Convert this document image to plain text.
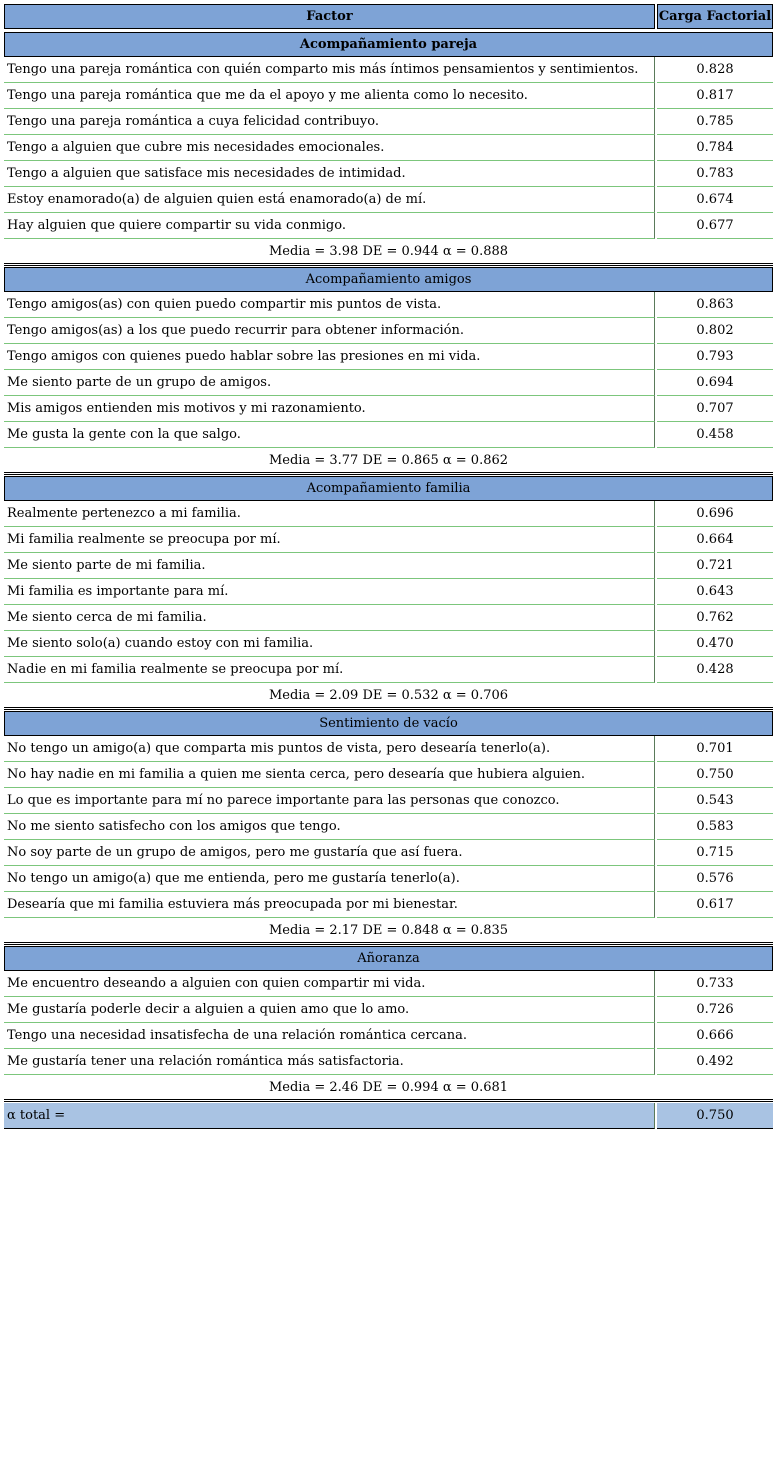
Factor	Carga Factorial
Acompañamiento pareja
Tengo una pareja romántica con quién comparto mis más íntimos pensamientos y sentimientos.	0.828
Tengo una pareja romántica que me da el apoyo y me alienta como lo necesito.	0.817
Tengo una pareja romántica a cuya felicidad contribuyo.	0.785
Tengo a alguien que cubre mis necesidades emocionales.	0.784
Tengo a alguien que satisface mis necesidades de intimidad.	0.783
Estoy enamorado(a) de alguien quien está enamorado(a) de mí.	0.674
Hay alguien que quiere compartir su vida conmigo.	0.677
Media = 3.98 DE = 0.944 α = 0.888
Acompañamiento amigos
Tengo amigos(as) con quien puedo compartir mis puntos de vista.	0.863
Tengo amigos(as) a los que puedo recurrir para obtener información.	0.802
Tengo amigos con quienes puedo hablar sobre las presiones en mi vida.	0.793
Me siento parte de un grupo de amigos.	0.694
Mis amigos entienden mis motivos y mi razonamiento.	0.707
Me gusta la gente con la que salgo.	0.458
Media = 3.77 DE = 0.865 α = 0.862
Acompañamiento familia
Realmente pertenezco a mi familia.	0.696
Mi familia realmente se preocupa por mí.	0.664
Me siento parte de mi familia.	0.721
Mi familia es importante para mí.	0.643
Me siento cerca de mi familia.	0.762
Me siento solo(a) cuando estoy con mi familia.	0.470
Nadie en mi familia realmente se preocupa por mí.	0.428
Media = 2.09 DE = 0.532 α = 0.706
Sentimiento de vacío
No tengo un amigo(a) que comparta mis puntos de vista, pero desearía tenerlo(a).	0.701
No hay nadie en mi familia a quien me sienta cerca, pero desearía que hubiera alguien.	0.750
Lo que es importante para mí no parece importante para las personas que conozco.	0.543
No me siento satisfecho con los amigos que tengo.	0.583
No soy parte de un grupo de amigos, pero me gustaría que así fuera.	0.715
No tengo un amigo(a) que me entienda, pero me gustaría tenerlo(a).	0.576
Desearía que mi familia estuviera más preocupada por mi bienestar.	0.617
Media = 2.17 DE = 0.848 α = 0.835
Añoranza
Me encuentro deseando a alguien con quien compartir mi vida.	0.733
Me gustaría poderle decir a alguien a quien amo que lo amo.	0.726
Tengo una necesidad insatisfecha de una relación romántica cercana.	0.666
Me gustaría tener una relación romántica más satisfactoria.	0.492
Media = 2.46 DE = 0.994 α = 0.681
α total =	0.750
